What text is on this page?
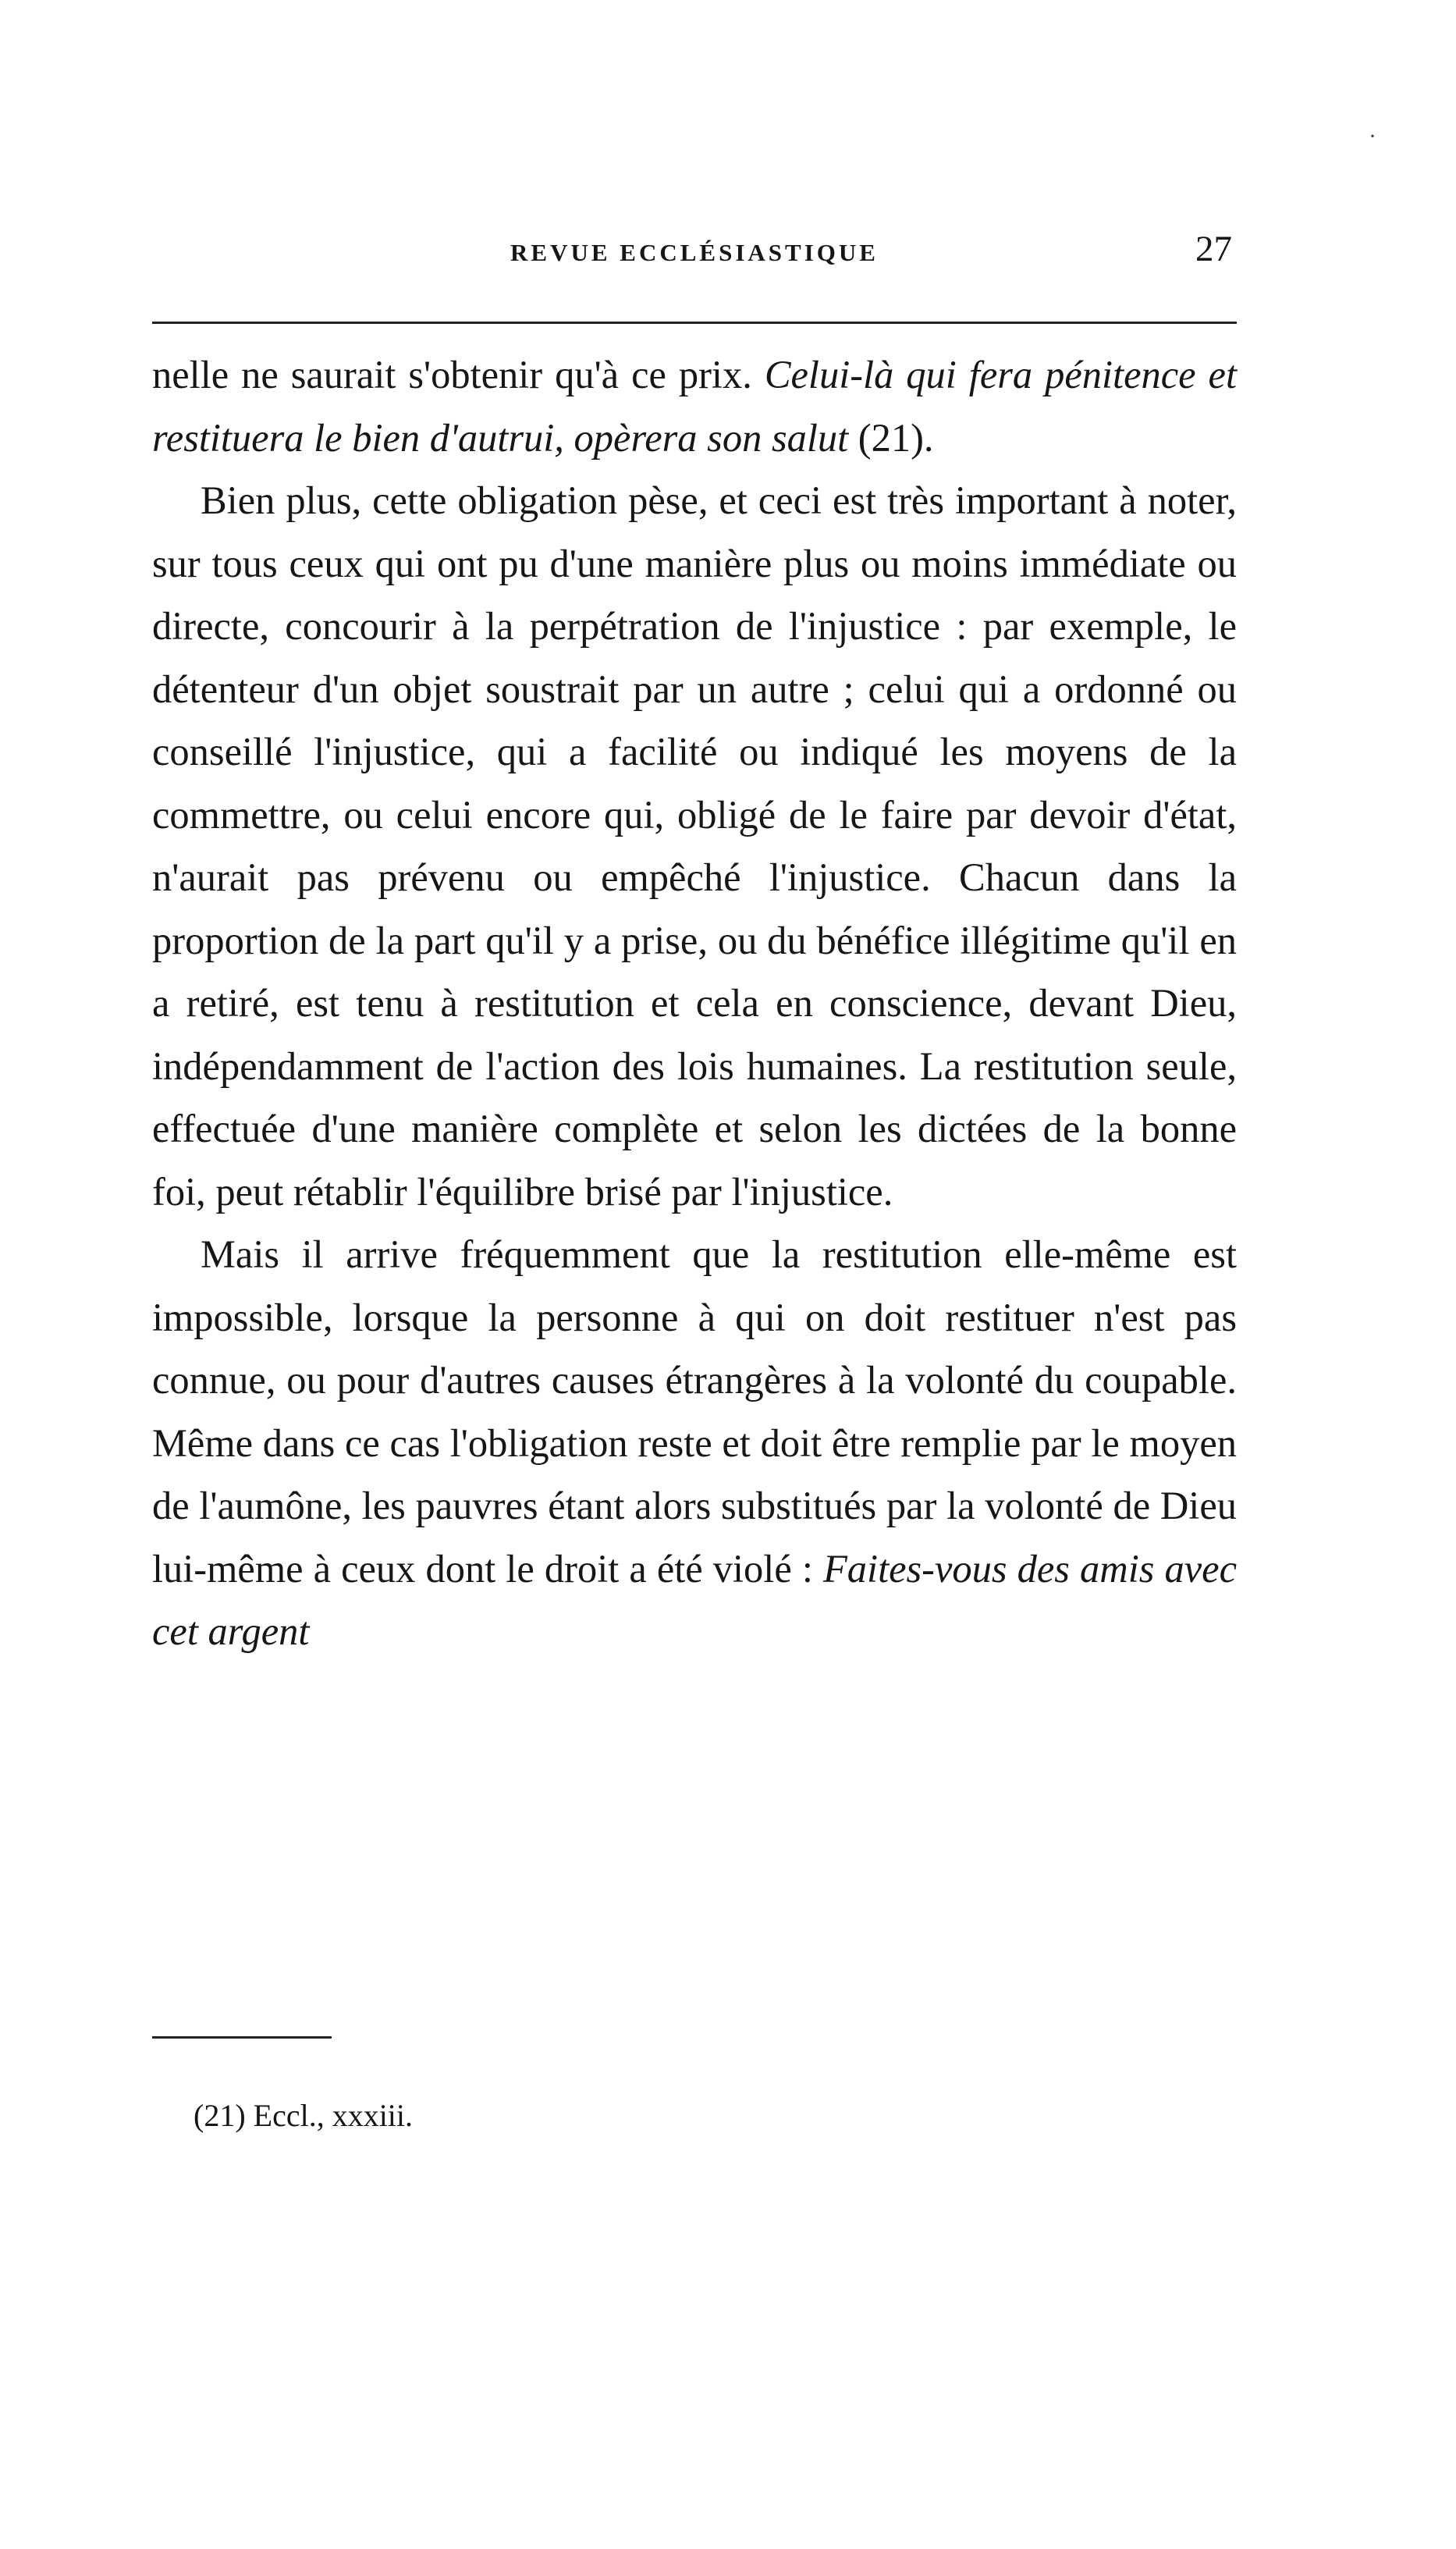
·
REVUE ECCLÉSIASTIQUE	27

nelle ne saurait s'obtenir qu'à ce prix. Celui-là qui fera pénitence et restituera le bien d'autrui, opèrera son salut (21).

Bien plus, cette obligation pèse, et ceci est très important à noter, sur tous ceux qui ont pu d'une manière plus ou moins immédiate ou directe, concourir à la perpétration de l'injustice : par exemple, le détenteur d'un objet soustrait par un autre ; celui qui a ordonné ou conseillé l'injustice, qui a facilité ou indiqué les moyens de la commettre, ou celui encore qui, obligé de le faire par devoir d'état, n'aurait pas prévenu ou empêché l'injustice. Chacun dans la proportion de la part qu'il y a prise, ou du bénéfice illégitime qu'il en a retiré, est tenu à restitution et cela en conscience, devant Dieu, indépendamment de l'action des lois humaines. La restitution seule, effectuée d'une manière complète et selon les dictées de la bonne foi, peut rétablir l'équilibre brisé par l'injustice.

Mais il arrive fréquemment que la restitution elle-même est impossible, lorsque la personne à qui on doit restituer n'est pas connue, ou pour d'autres causes étrangères à la volonté du coupable. Même dans ce cas l'obligation reste et doit être remplie par le moyen de l'aumône, les pauvres étant alors substitués par la volonté de Dieu lui-même à ceux dont le droit a été violé : Faites-vous des amis avec cet argent

(21) Eccl., xxxiii.
